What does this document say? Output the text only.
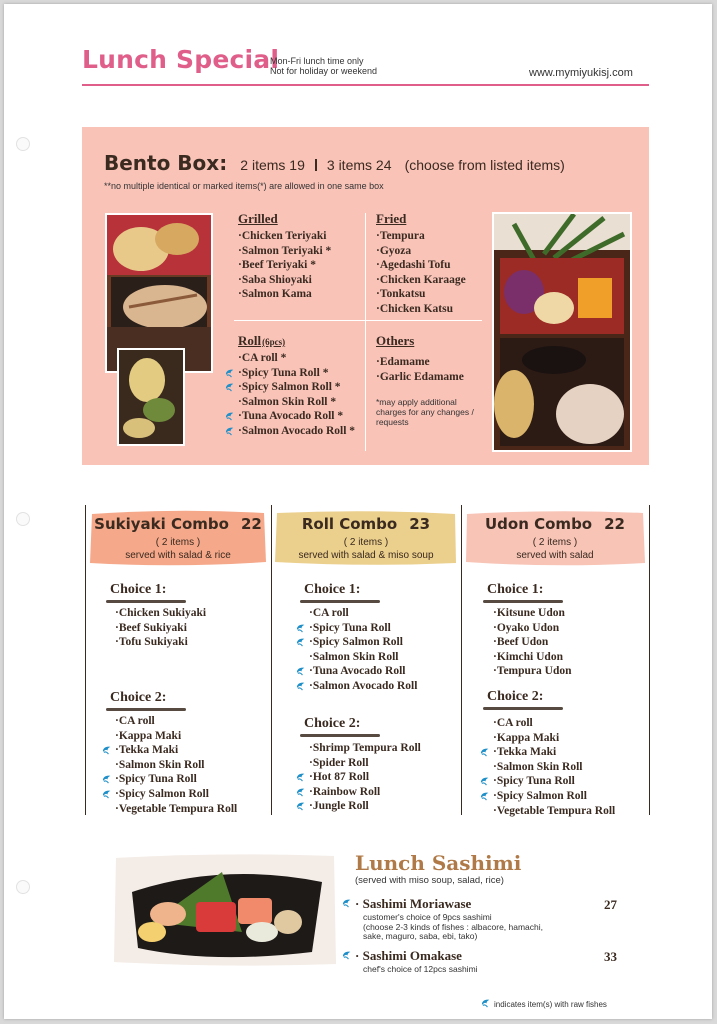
Lunch Special
Mon-Fri lunch time only
Not for holiday or weekend	www.mymiyukisj.com
Bento Box: 2 items 19 3 items 24 (choose from listed items)
**no multiple identical or marked items(*) are allowed in one same box
Grilled
·Chicken Teriyaki
·Salmon Teriyaki *
·Beef Teriyaki *
·Saba Shioyaki
·Salmon Kama
Fried
·Tempura
·Gyoza
·Agedashi Tofu
·Chicken Karaage
·Tonkatsu
·Chicken Katsu
Roll(6pcs)
·CA roll *
·Spicy Tuna Roll *
·Spicy Salmon Roll *
·Salmon Skin Roll *
·Tuna Avocado Roll *
·Salmon Avocado Roll *
Others
·Edamame
·Garlic Edamame
*may apply additional charges for any changes / requests
Sukiyaki Combo 22
( 2 items )
served with salad & rice
Choice 1:
·Chicken Sukiyaki
·Beef Sukiyaki
·Tofu Sukiyaki
Choice 2:
·CA roll
·Kappa Maki
·Tekka Maki
·Salmon Skin Roll
·Spicy Tuna Roll
·Spicy Salmon Roll
·Vegetable Tempura Roll
Roll Combo 23
( 2 items )
served with salad & miso soup
Choice 1:
·CA roll
·Spicy Tuna Roll
·Spicy Salmon Roll
·Salmon Skin Roll
·Tuna Avocado Roll
·Salmon Avocado Roll
Choice 2:
·Shrimp Tempura Roll
·Spider Roll
·Hot 87 Roll
·Rainbow Roll
·Jungle Roll
Udon Combo 22
( 2 items )
served with salad
Choice 1:
·Kitsune Udon
·Oyako Udon
·Beef Udon
·Kimchi Udon
·Tempura Udon
Choice 2:
·CA roll
·Kappa Maki
·Tekka Maki
·Salmon Skin Roll
·Spicy Tuna Roll
·Spicy Salmon Roll
·Vegetable Tempura Roll
Lunch Sashimi
(served with miso soup, salad, rice)
· Sashimi Moriawase	27
customer's choice of 9pcs sashimi
(choose 2-3 kinds of fishes : albacore, hamachi,
sake, maguro, saba, ebi, tako)
· Sashimi Omakase	33
chef's choice of 12pcs sashimi
indicates item(s) with raw fishes
